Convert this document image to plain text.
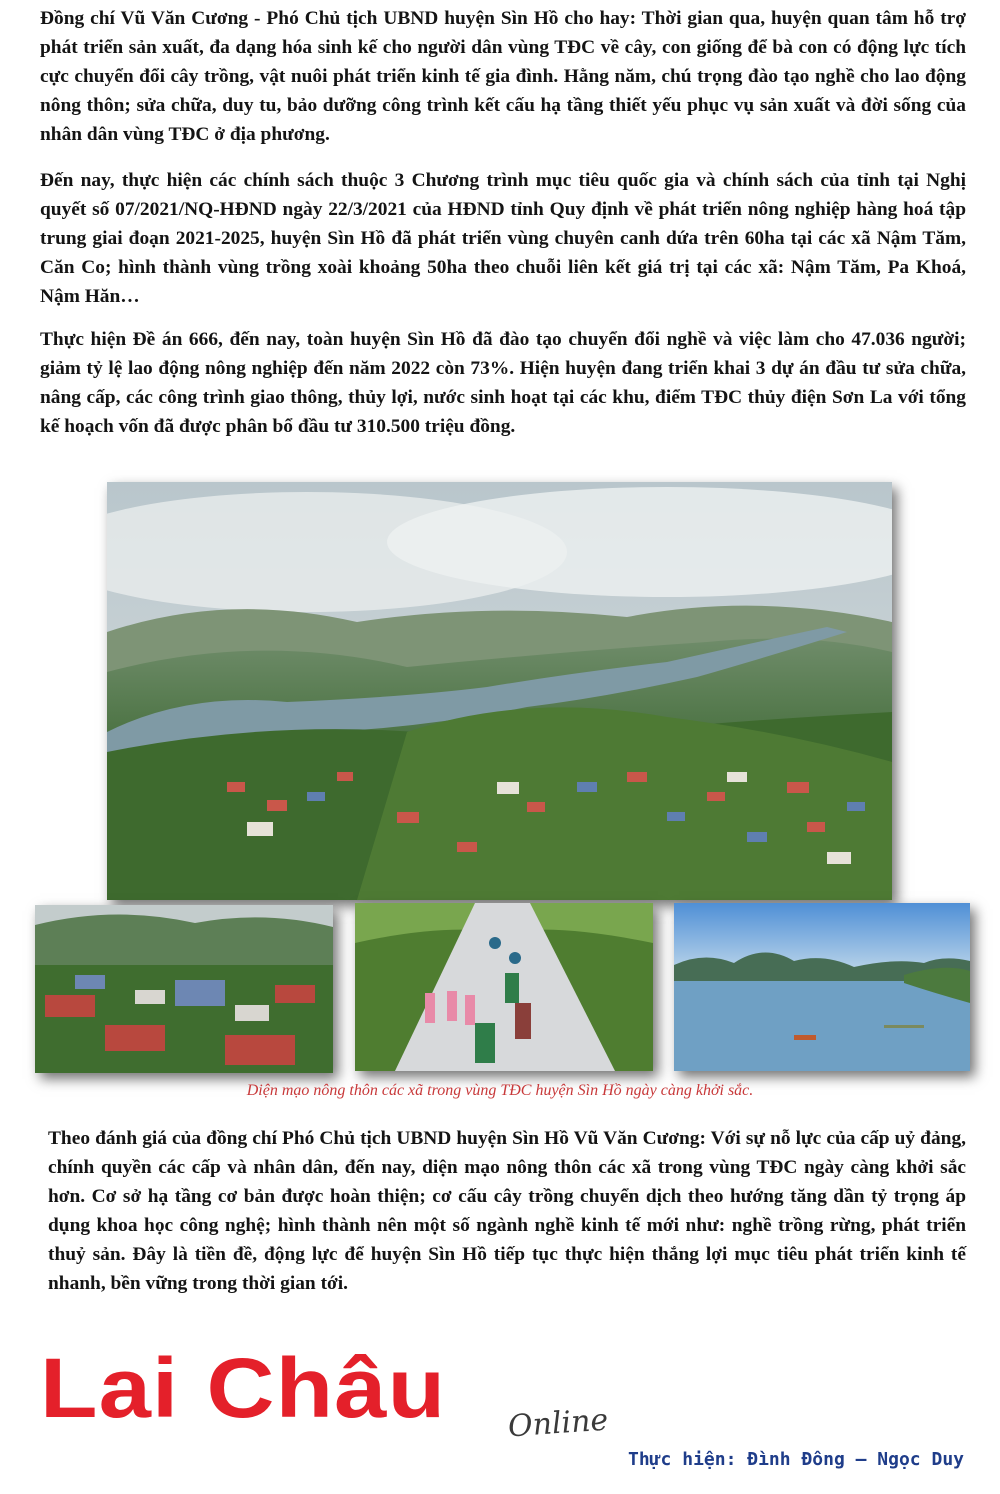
Đồng chí Vũ Văn Cương - Phó Chủ tịch UBND huyện Sìn Hồ cho hay: Thời gian qua, huyện quan tâm hỗ trợ phát triển sản xuất, đa dạng hóa sinh kế cho người dân vùng TĐC về cây, con giống để bà con có động lực tích cực chuyển đổi cây trồng, vật nuôi phát triển kinh tế gia đình. Hằng năm, chú trọng đào tạo nghề cho lao động nông thôn; sửa chữa, duy tu, bảo dưỡng công trình kết cấu hạ tầng thiết yếu phục vụ sản xuất và đời sống của nhân dân vùng TĐC ở địa phương.

Đến nay, thực hiện các chính sách thuộc 3 Chương trình mục tiêu quốc gia và chính sách của tỉnh tại Nghị quyết số 07/2021/NQ-HĐND ngày 22/3/2021 của HĐND tỉnh Quy định về phát triển nông nghiệp hàng hoá tập trung giai đoạn 2021-2025, huyện Sìn Hồ đã phát triển vùng chuyên canh dứa trên 60ha tại các xã Nậm Tăm, Căn Co; hình thành vùng trồng xoài khoảng 50ha theo chuỗi liên kết giá trị tại các xã: Nậm Tăm, Pa Khoá, Nậm Hăn…

Thực hiện Đề án 666, đến nay, toàn huyện Sìn Hồ đã đào tạo chuyển đổi nghề và việc làm cho 47.036 người; giảm tỷ lệ lao động nông nghiệp đến năm 2022 còn 73%. Hiện huyện đang triển khai 3 dự án đầu tư sửa chữa, nâng cấp, các công trình giao thông, thủy lợi, nước sinh hoạt tại các khu, điểm TĐC thủy điện Sơn La với tổng kế hoạch vốn đã được phân bổ đầu tư 310.500 triệu đồng.

Diện mạo nông thôn các xã trong vùng TĐC huyện Sìn Hồ ngày càng khởi sắc.

Theo đánh giá của đồng chí Phó Chủ tịch UBND huyện Sìn Hồ Vũ Văn Cương: Với sự nỗ lực của cấp uỷ đảng, chính quyền các cấp và nhân dân, đến nay, diện mạo nông thôn các xã trong vùng TĐC ngày càng khởi sắc hơn. Cơ sở hạ tầng cơ bản được hoàn thiện; cơ cấu cây trồng chuyển dịch theo hướng tăng dần tỷ trọng áp dụng khoa học công nghệ; hình thành nên một số ngành nghề kinh tế mới như: nghề trồng rừng, phát triển thuỷ sản. Đây là tiền đề, động lực để huyện Sìn Hồ tiếp tục thực hiện thắng lợi mục tiêu phát triển kinh tế nhanh, bền vững trong thời gian tới.

Lai Châu Online
Thực hiện: Đình Đông – Ngọc Duy
